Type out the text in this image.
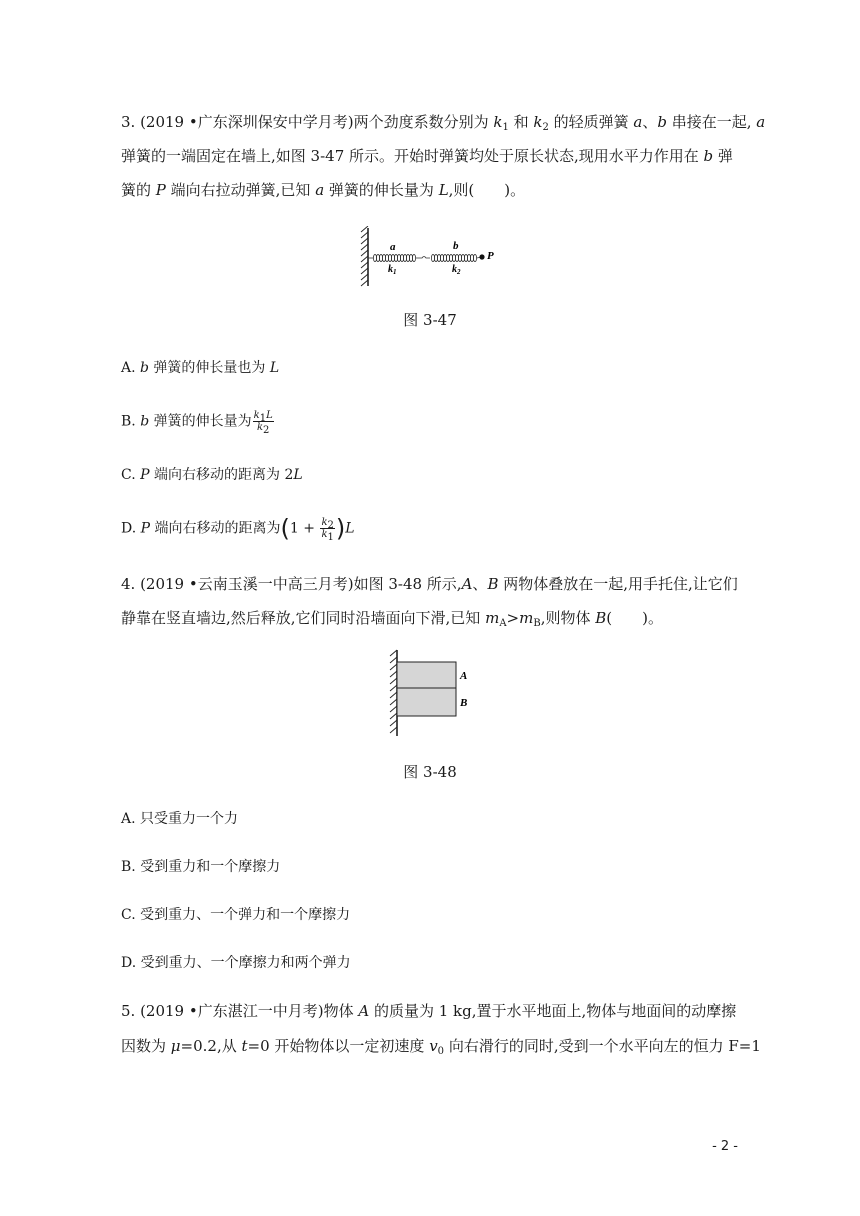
3. (2019 •广东深圳保安中学月考)两个劲度系数分别为 $k_1$ 和 $k_2$ 的轻质弹簧 a、b 串接在一起, a
弹簧的一端固定在墙上,如图 3-47 所示。开始时弹簧均处于原长状态,现用水平力作用在 b 弹
簧的 P 端向右拉动弹簧,已知 a 弹簧的伸长量为 L,则(　　)。
a	b
P
$k_1$	$k_2$
图 3-47
A. b 弹簧的伸长量也为 L
B. b 弹簧的伸长量为 $\frac{k_1L}{k_2}$
C. P 端向右移动的距离为 2L
D. P 端向右移动的距离为$(1 + \frac{k_2}{k_1} )L$
4. (2019 •云南玉溪一中高三月考)如图 3-48 所示,A、B 两物体叠放在一起,用手托住,让它们
静靠在竖直墙边,然后释放,它们同时沿墙面向下滑,已知 $m_A>m_B$,则物体 B(　　)。
A
B
图 3-48
A. 只受重力一个力
B. 受到重力和一个摩擦力
C. 受到重力、一个弹力和一个摩擦力
D. 受到重力、一个摩擦力和两个弹力
5. (2019 •广东湛江一中月考)物体 A 的质量为 1 kg,置于水平地面上,物体与地面间的动摩擦
因数为 μ=0.2,从 t=0 开始物体以一定初速度 $v_0$ 向右滑行的同时,受到一个水平向左的恒力 F=1
- 2 -
